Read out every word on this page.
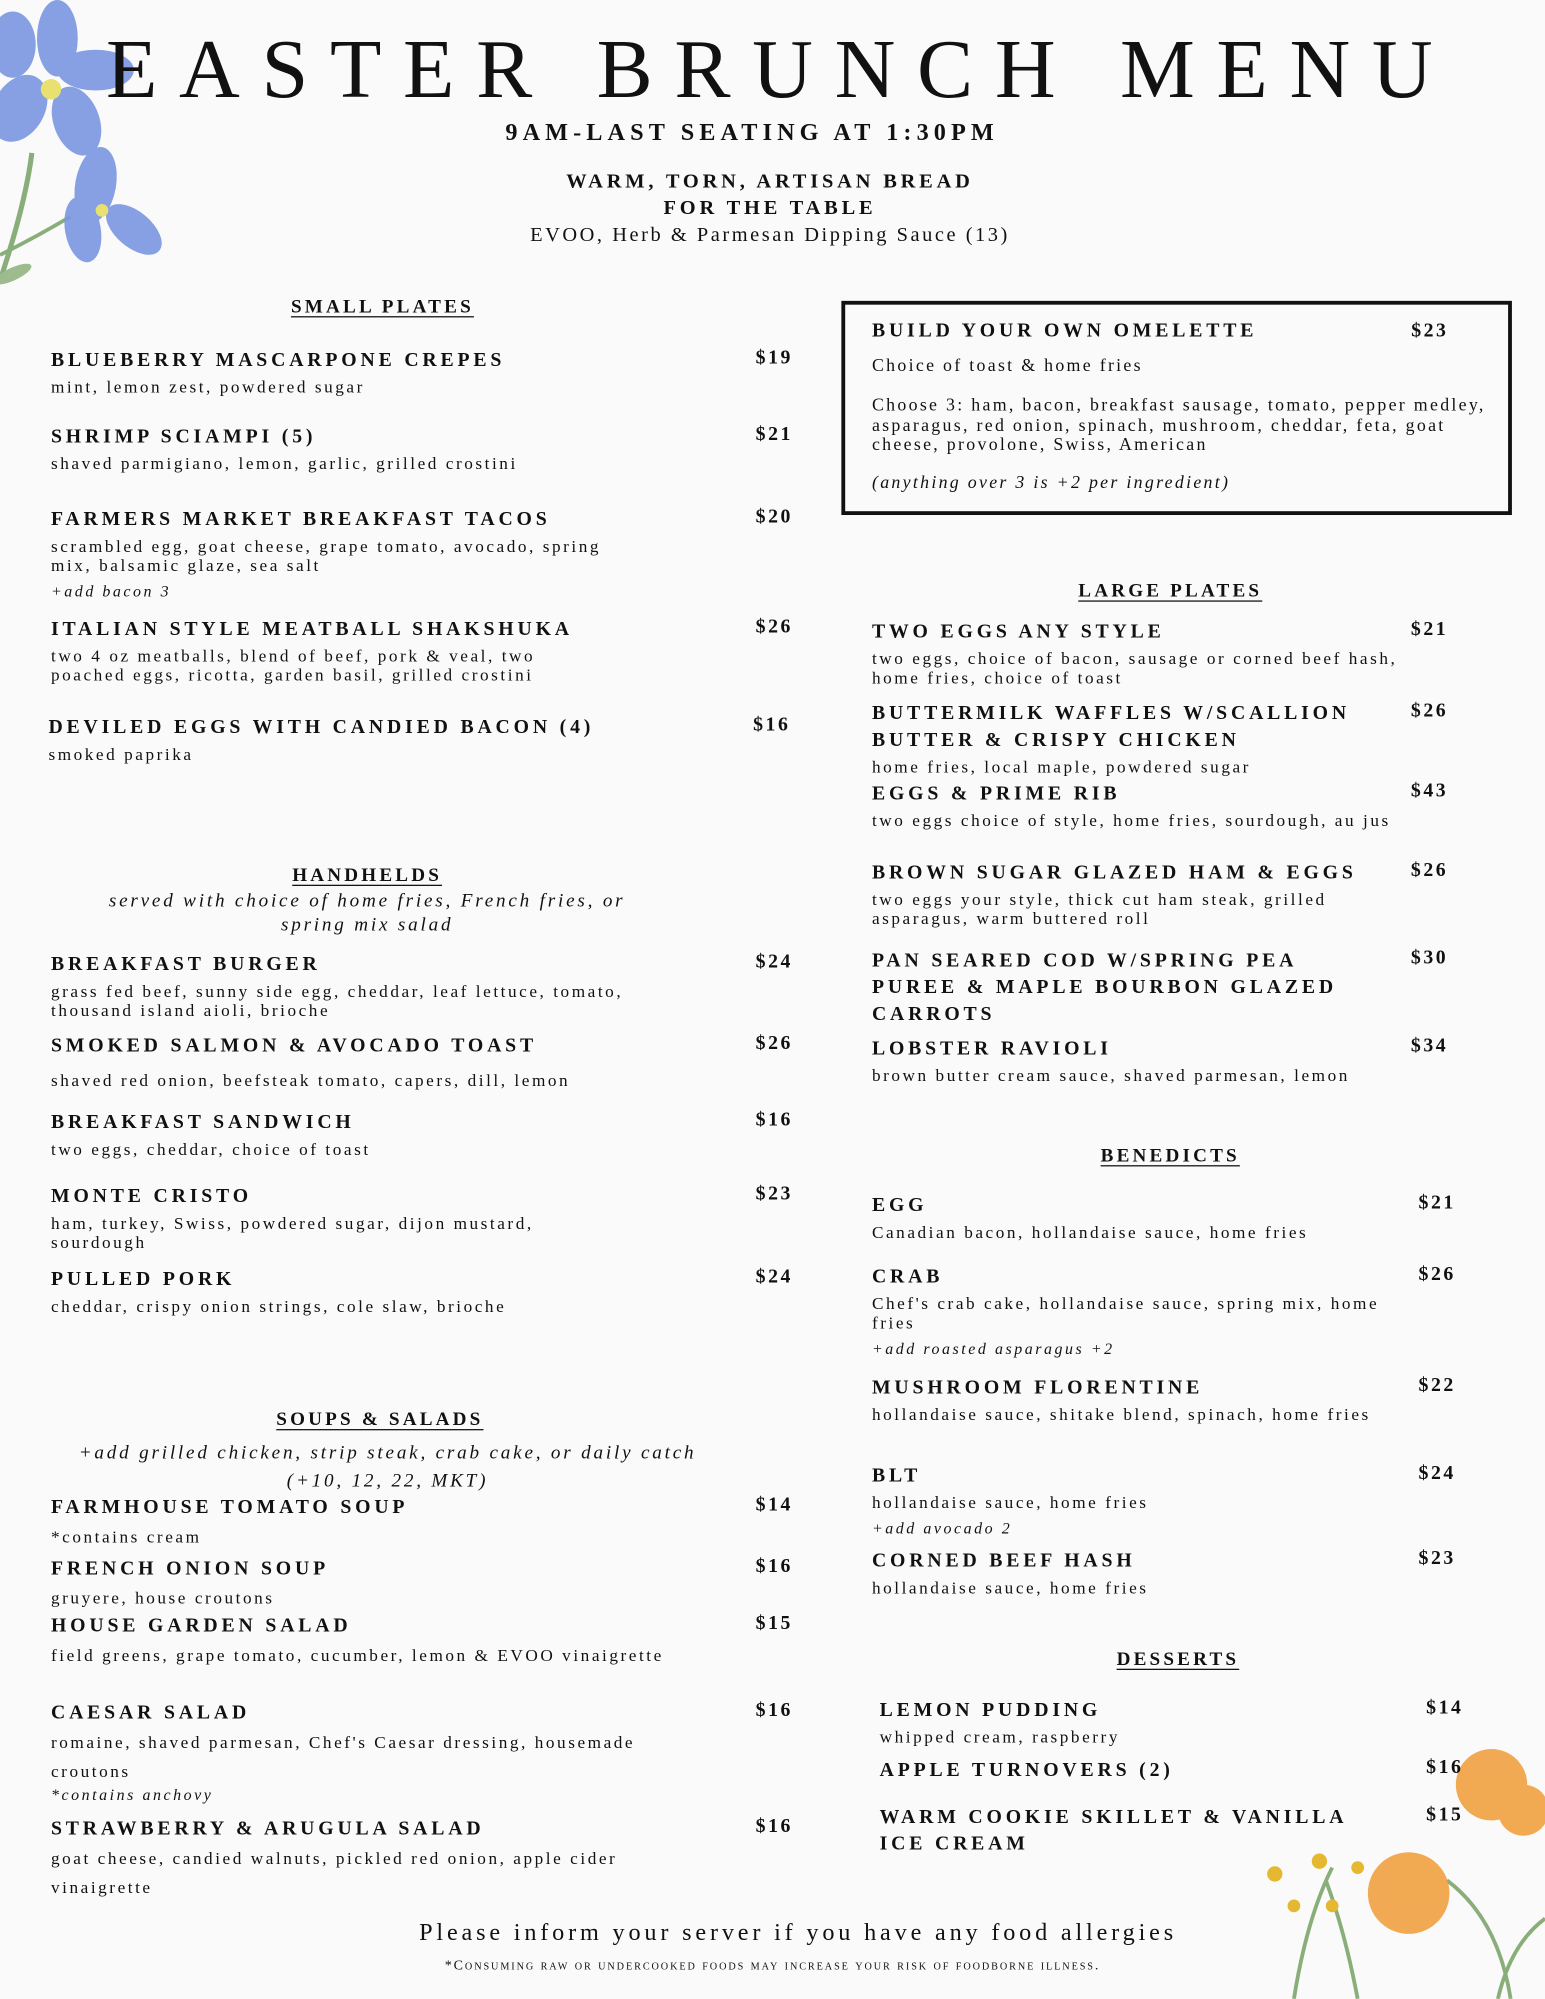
EASTER BRUNCH MENU
9AM-LAST SEATING AT 1:30PM
WARM, TORN, ARTISAN BREAD
FOR THE TABLE
EVOO, Herb & Parmesan Dipping Sauce (13)
BUILD YOUR OWN OMELETTE	$23
Choice of toast & home fries
Choose 3: ham, bacon, breakfast sausage, tomato, pepper medley, asparagus, red onion, spinach, mushroom, cheddar, feta, goat cheese, provolone, Swiss, American
(anything over 3 is +2 per ingredient)
SMALL PLATES
BLUEBERRY MASCARPONE CREPES	$19
mint, lemon zest, powdered sugar
SHRIMP SCIAMPI (5)	$21
shaved parmigiano, lemon, garlic, grilled crostini
FARMERS MARKET BREAKFAST TACOS	$20
scrambled egg, goat cheese, grape tomato, avocado, spring mix, balsamic glaze, sea salt
+add bacon 3
ITALIAN STYLE MEATBALL SHAKSHUKA	$26
two 4 oz meatballs, blend of beef, pork & veal, two poached eggs, ricotta, garden basil, grilled crostini
DEVILED EGGS WITH CANDIED BACON (4)	$16
smoked paprika
HANDHELDS
served with choice of home fries, French fries, or spring mix salad
BREAKFAST BURGER	$24
grass fed beef, sunny side egg, cheddar, leaf lettuce, tomato, thousand island aioli, brioche
SMOKED SALMON & AVOCADO TOAST	$26
shaved red onion, beefsteak tomato, capers, dill, lemon
BREAKFAST SANDWICH	$16
two eggs, cheddar, choice of toast
MONTE CRISTO	$23
ham, turkey, Swiss, powdered sugar, dijon mustard, sourdough
PULLED PORK	$24
cheddar, crispy onion strings, cole slaw, brioche
SOUPS & SALADS
+add grilled chicken, strip steak, crab cake, or daily catch (+10, 12, 22, MKT)
FARMHOUSE TOMATO SOUP	$14
*contains cream
FRENCH ONION SOUP	$16
gruyere, house croutons
HOUSE GARDEN SALAD	$15
field greens, grape tomato, cucumber, lemon & EVOO vinaigrette
CAESAR SALAD	$16
romaine, shaved parmesan, Chef's Caesar dressing, housemade croutons
*contains anchovy
STRAWBERRY & ARUGULA SALAD	$16
goat cheese, candied walnuts, pickled red onion, apple cider vinaigrette
LARGE PLATES
TWO EGGS ANY STYLE	$21
two eggs, choice of bacon, sausage or corned beef hash, home fries, choice of toast
BUTTERMILK WAFFLES W/SCALLION BUTTER & CRISPY CHICKEN
$26
home fries, local maple, powdered sugar
EGGS & PRIME RIB	$43
two eggs choice of style, home fries, sourdough, au jus
BROWN SUGAR GLAZED HAM & EGGS	$26
two eggs your style, thick cut ham steak, grilled asparagus, warm buttered roll
PAN SEARED COD W/SPRING PEA PUREE & MAPLE BOURBON GLAZED CARROTS
$30
LOBSTER RAVIOLI	$34
brown butter cream sauce, shaved parmesan, lemon
BENEDICTS
EGG	$21
Canadian bacon, hollandaise sauce, home fries
CRAB	$26
Chef's crab cake, hollandaise sauce, spring mix, home fries
+add roasted asparagus +2
MUSHROOM FLORENTINE	$22
hollandaise sauce, shitake blend, spinach, home fries
BLT	$24
hollandaise sauce, home fries
+add avocado 2
CORNED BEEF HASH	$23
hollandaise sauce, home fries
DESSERTS
LEMON PUDDING	$14
whipped cream, raspberry
APPLE TURNOVERS (2)	$16
WARM COOKIE SKILLET & VANILLA ICE CREAM
$15
Please inform your server if you have any food allergies
*Consuming raw or undercooked foods may increase your risk of foodborne illness.
